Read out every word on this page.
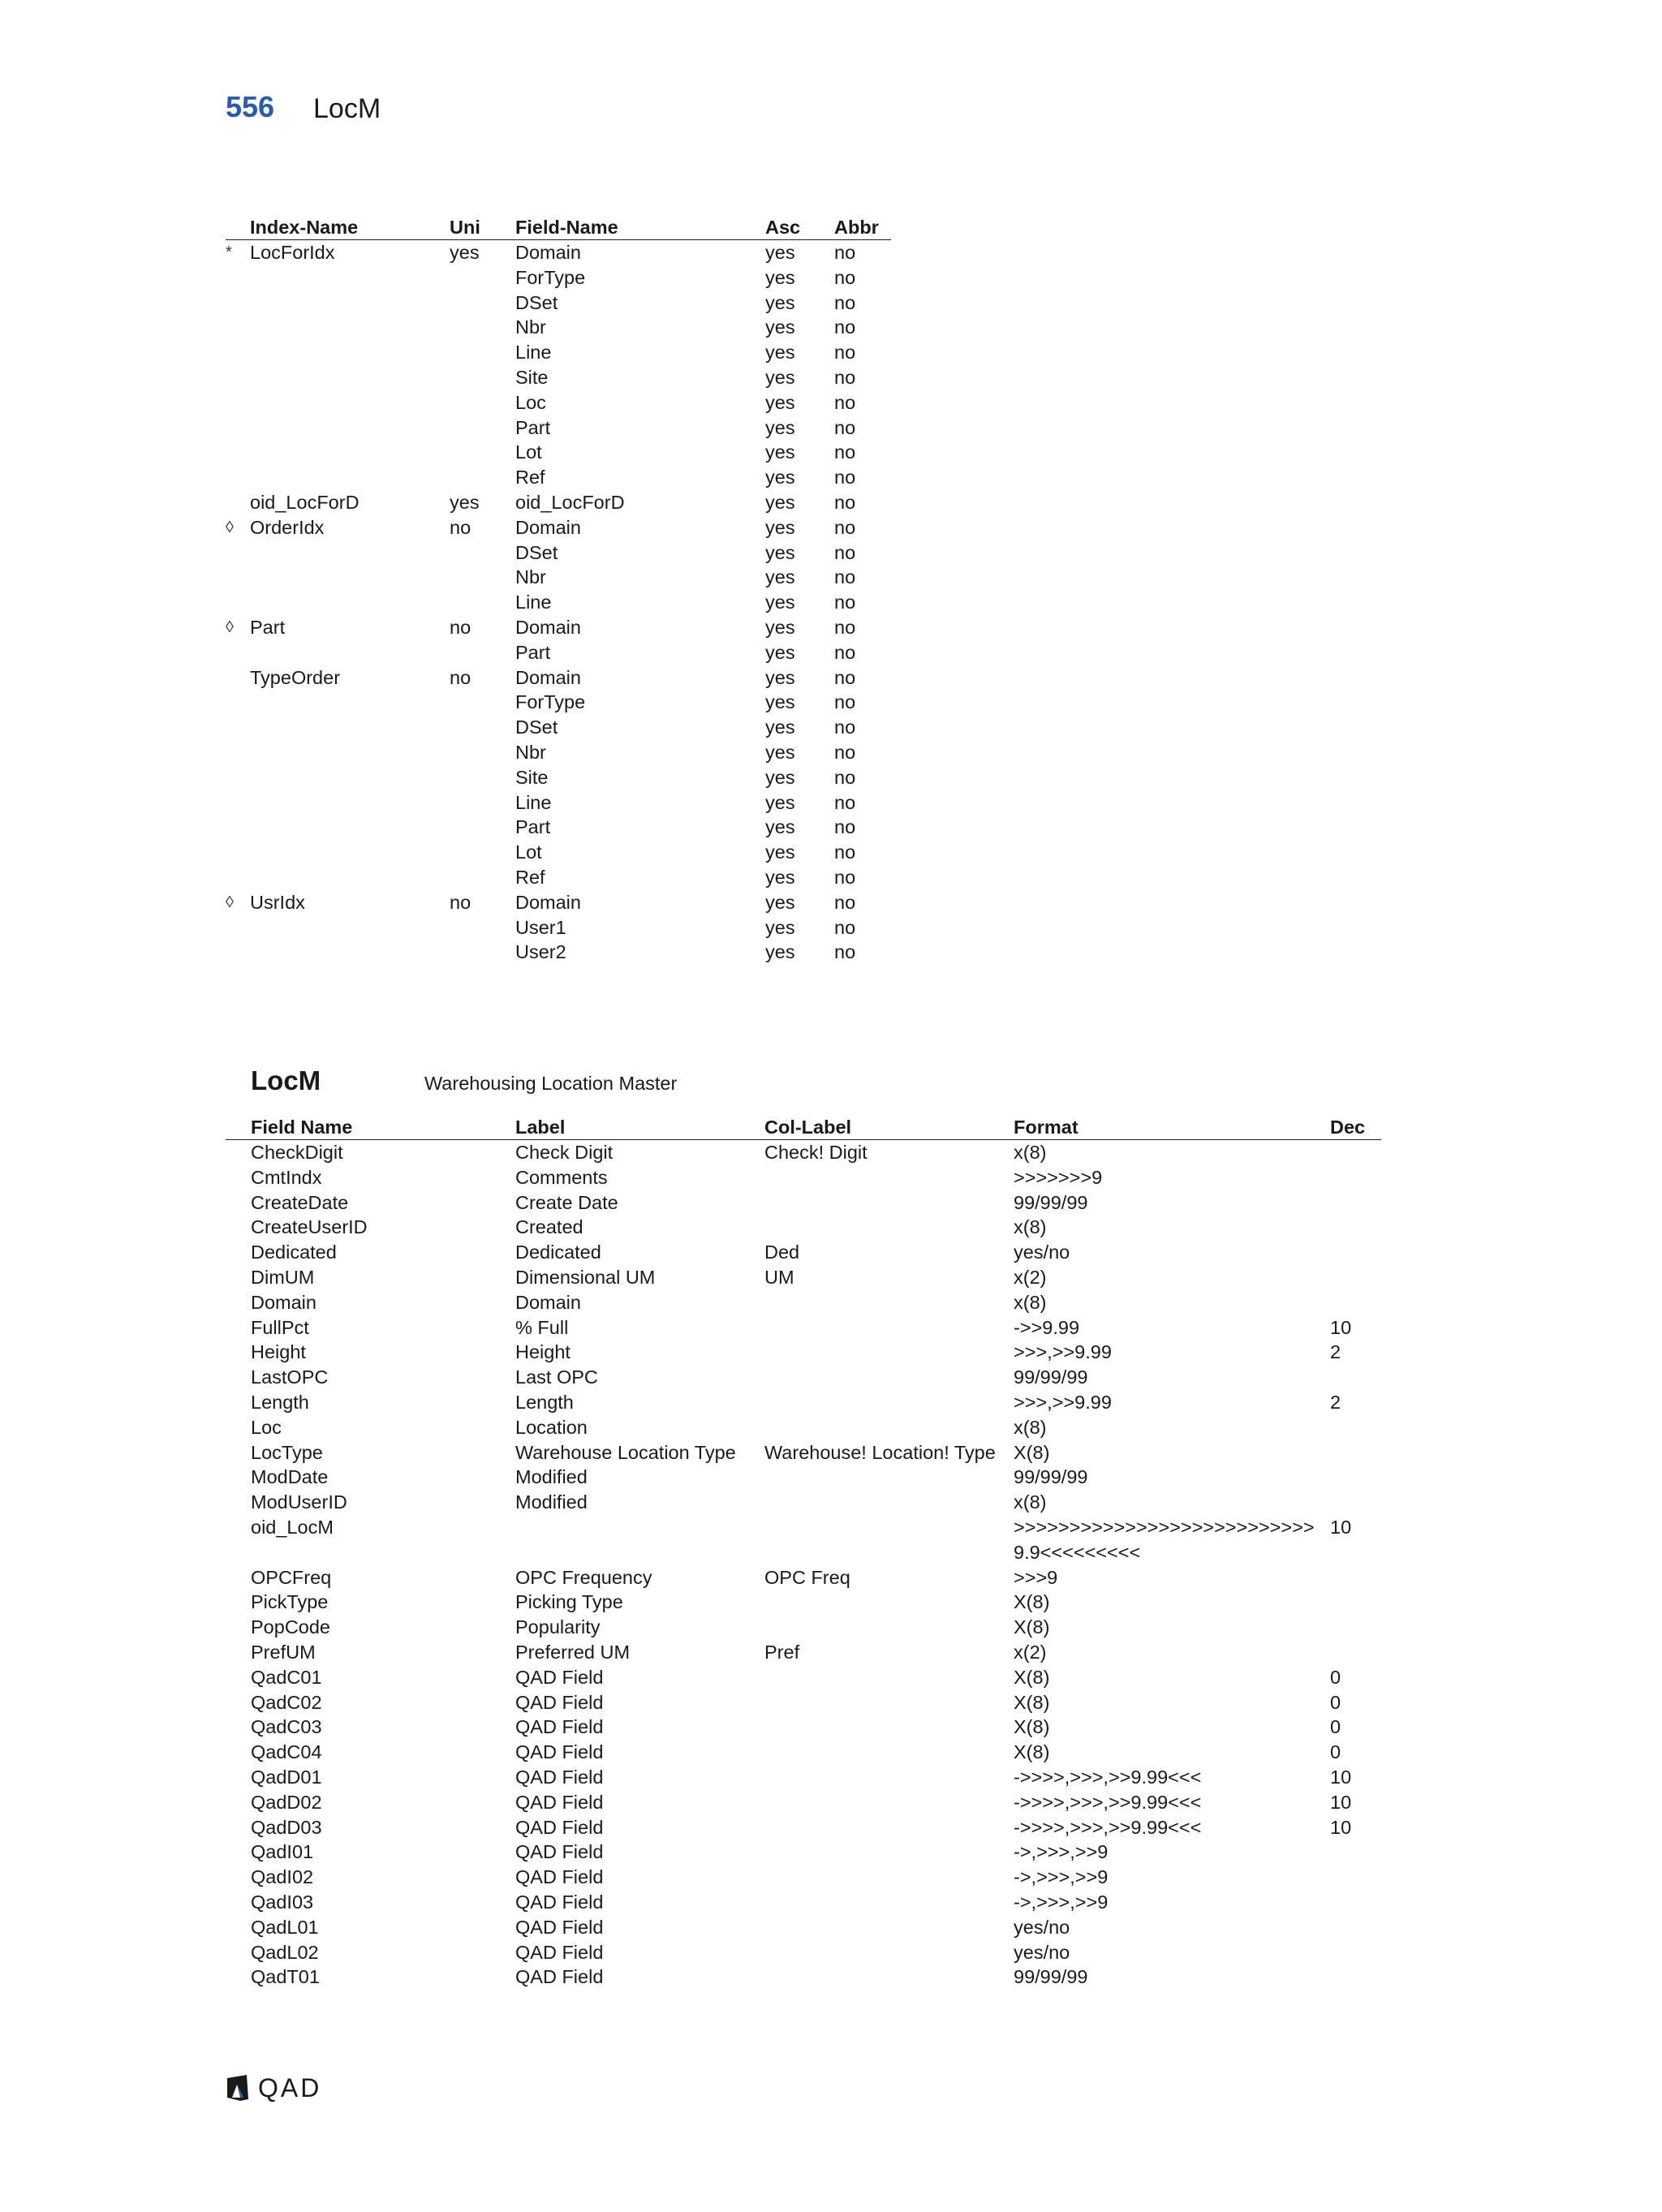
556 LocM
	Index-Name	Uni	Field-Name	Asc	Abbr
*	LocForIdx	yes	Domain	yes	no
			ForType	yes	no
			DSet	yes	no
			Nbr	yes	no
			Line	yes	no
			Site	yes	no
			Loc	yes	no
			Part	yes	no
			Lot	yes	no
			Ref	yes	no
	oid_LocForD	yes	oid_LocForD	yes	no
◊	OrderIdx	no	Domain	yes	no
			DSet	yes	no
			Nbr	yes	no
			Line	yes	no
◊	Part	no	Domain	yes	no
			Part	yes	no
	TypeOrder	no	Domain	yes	no
			ForType	yes	no
			DSet	yes	no
			Nbr	yes	no
			Site	yes	no
			Line	yes	no
			Part	yes	no
			Lot	yes	no
			Ref	yes	no
◊	UsrIdx	no	Domain	yes	no
			User1	yes	no
			User2	yes	no
LocM	Warehousing Location Master
	Field Name	Label	Col-Label	Format	Dec
	CheckDigit	Check Digit	Check! Digit	x(8)	
	CmtIndx	Comments		>>>>>>>9	
	CreateDate	Create Date		99/99/99	
	CreateUserID	Created		x(8)	
	Dedicated	Dedicated	Ded	yes/no	
	DimUM	Dimensional UM	UM	x(2)	
	Domain	Domain		x(8)	
	FullPct	% Full		->>9.99	10
	Height	Height		>>>,>>9.99	2
	LastOPC	Last OPC		99/99/99	
	Length	Length		>>>,>>9.99	2
	Loc	Location		x(8)	
	LocType	Warehouse Location Type	Warehouse! Location! Type	X(8)	
	ModDate	Modified		99/99/99	
	ModUserID	Modified		x(8)	
	oid_LocM			>>>>>>>>>>>>>>>>>>>>>>>>>>>9.9<<<<<<<<<	10
	OPCFreq	OPC Frequency	OPC Freq	>>>9	
	PickType	Picking Type		X(8)	
	PopCode	Popularity		X(8)	
	PrefUM	Preferred UM	Pref	x(2)	
	QadC01	QAD Field		X(8)	0
	QadC02	QAD Field		X(8)	0
	QadC03	QAD Field		X(8)	0
	QadC04	QAD Field		X(8)	0
	QadD01	QAD Field		->>>>,>>>,>>9.99<<<	10
	QadD02	QAD Field		->>>>,>>>,>>9.99<<<	10
	QadD03	QAD Field		->>>>,>>>,>>9.99<<<	10
	QadI01	QAD Field		->,>>>,>>9	
	QadI02	QAD Field		->,>>>,>>9	
	QadI03	QAD Field		->,>>>,>>9	
	QadL01	QAD Field		yes/no	
	QadL02	QAD Field		yes/no	
	QadT01	QAD Field		99/99/99	
QAD
